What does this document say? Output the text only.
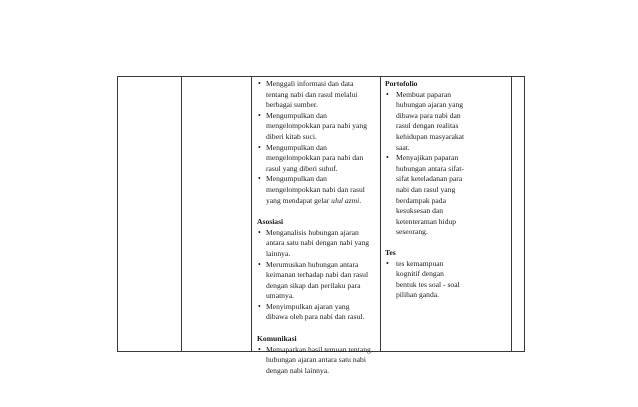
• Menggali informasi dan data
tentang nabi dan rasul melalui
berbagai sumber.
• Mengumpulkan dan
mengelompokkan para nabi yang
diberi kitab suci.
• Mengumpulkan dan
mengelompokkan para nabi dan
rasul yang diberi suhuf.
• Mengumpulkan dan
mengelompokkan nabi dan rasul
yang mendapat gelar ulul azmi.
Asosiasi
• Menganalisis hubungan ajaran
antara satu nabi dengan nabi yang
lainnya.
• Merumuskan hubungan antara
keimanan terhadap nabi dan rasul
dengan sikap dan perilaku para
umatnya.
• Menyimpulkan ajaran yang
dibawa oleh para nabi dan rasul.
Komunikasi
• Memaparkan hasil temuan tentang
hubungan ajaran antara satu nabi
dengan nabi lainnya.
Portofolio
• Membuat paparan
hubungan ajaran yang
dibawa para nabi dan
rasul dengan realitas
kehidupan masyarakat
saat.
• Menyajikan paparan
hubungan antara sifat-
sifat keteladanan para
nabi dan rasul yang
berdampak pada
kesuksesan dan
ketenteraman hidup
seseorang.
Tes
• tes kemampuan
kognitif dengan
bentuk tes soal - soal
pilihan ganda.
